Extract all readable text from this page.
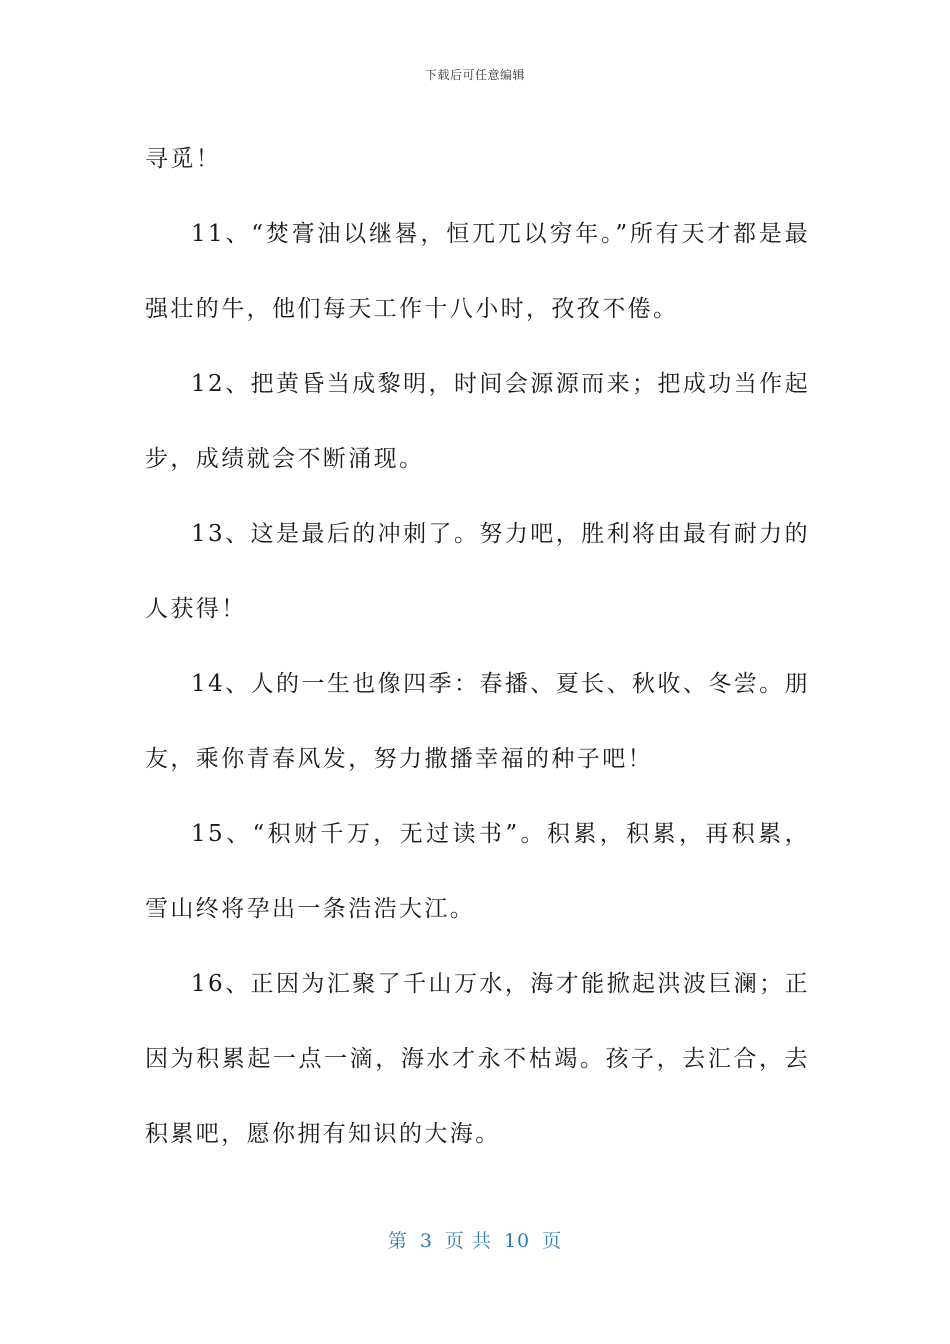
下载后可任意编辑

寻觅！

11、“焚膏油以继晷，恒兀兀以穷年。”所有天才都是最强壮的牛，他们每天工作十八小时，孜孜不倦。

12、把黄昏当成黎明，时间会源源而来；把成功当作起步，成绩就会不断涌现。

13、这是最后的冲刺了。努力吧，胜利将由最有耐力的人获得！

14、人的一生也像四季：春播、夏长、秋收、冬尝。朋友，乘你青春风发，努力撒播幸福的种子吧！

15、“积财千万，无过读书”。积累，积累，再积累，雪山终将孕出一条浩浩大江。

16、正因为汇聚了千山万水，海才能掀起洪波巨澜；正因为积累起一点一滴，海水才永不枯竭。孩子，去汇合，去积累吧，愿你拥有知识的大海。

第 3 页 共 10 页
